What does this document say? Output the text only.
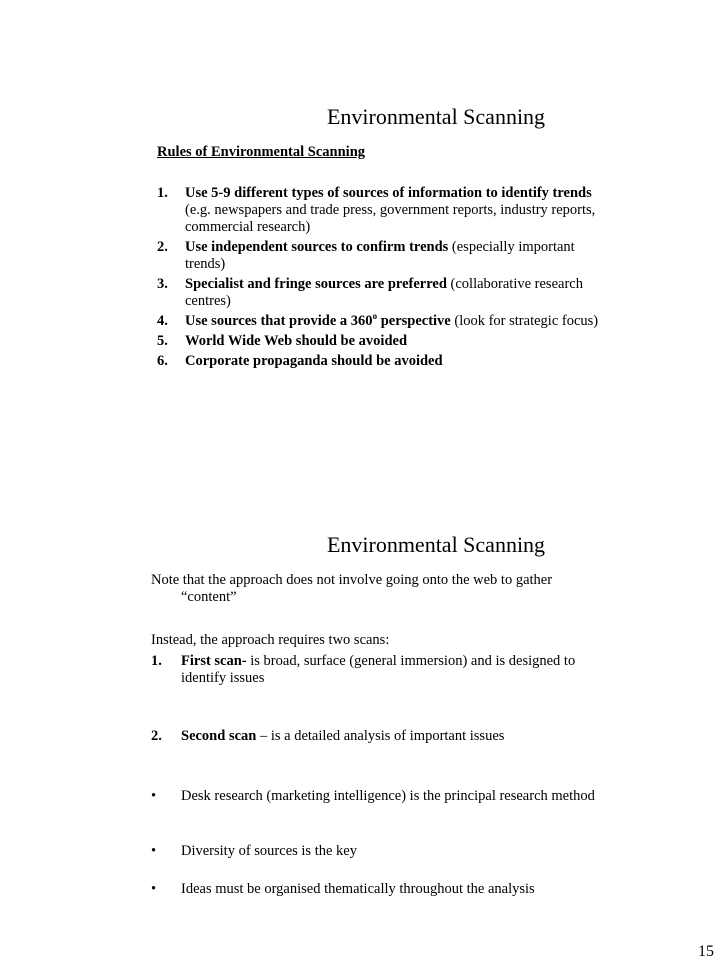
Environmental Scanning
Rules of Environmental Scanning
1. Use 5-9 different types of sources of information to identify trends (e.g. newspapers and trade press, government reports, industry reports, commercial research)
2. Use independent sources to confirm trends (especially important trends)
3. Specialist and fringe sources are preferred (collaborative research centres)
4. Use sources that provide a 360$^o$ perspective (look for strategic focus)
5. World Wide Web should be avoided
6. Corporate propaganda should be avoided
Environmental Scanning
Note that the approach does not involve going onto the web to gather “content”
Instead, the approach requires two scans:
1. First scan- is broad, surface (general immersion) and is designed to identify issues
2. Second scan – is a detailed analysis of important issues
• Desk research (marketing intelligence) is the principal research method
• Diversity of sources is the key
• Ideas must be organised thematically throughout the analysis
15
